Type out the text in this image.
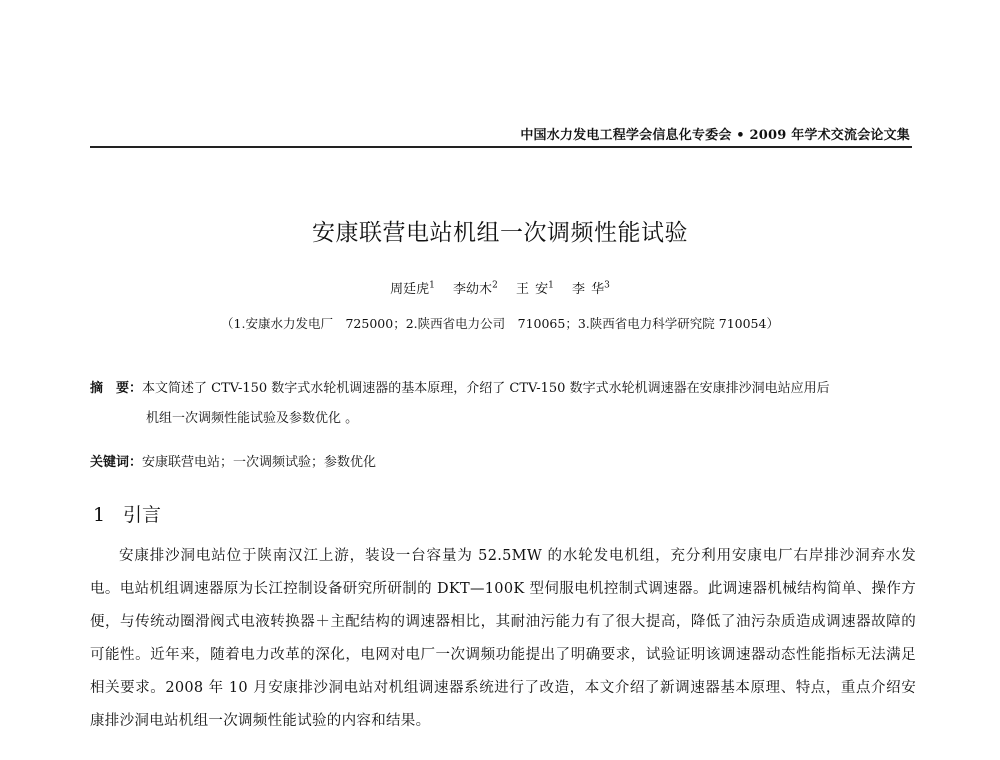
中国水力发电工程学会信息化专委会 • 2009 年学术交流会论文集
安康联营电站机组一次调频性能试验
周廷虎$^1$ 李幼木$^2$ 王 安$^1$ 李 华$^3$
（1.安康水力发电厂　725000；2.陕西省电力公司　710065；3.陕西省电力科学研究院 710054）
摘　要：本文简述了 CTV-150 数字式水轮机调速器的基本原理，介绍了 CTV-150 数字式水轮机调速器在安康排沙洞电站应用后
机组一次调频性能试验及参数优化 。
关键词：安康联营电站；一次调频试验；参数优化
1 引言
安康排沙洞电站位于陕南汉江上游，装设一台容量为 52.5MW 的水轮发电机组，充分利用安康电厂右岸排沙洞弃水发电。电站机组调速器原为长江控制设备研究所研制的 DKT—100K 型伺服电机控制式调速器。此调速器机械结构简单、操作方便，与传统动圈滑阀式电液转换器＋主配结构的调速器相比，其耐油污能力有了很大提高，降低了油污杂质造成调速器故障的可能性。近年来，随着电力改革的深化，电网对电厂一次调频功能提出了明确要求，试验证明该调速器动态性能指标无法满足相关要求。2008 年 10 月安康排沙洞电站对机组调速器系统进行了改造，本文介绍了新调速器基本原理、特点，重点介绍安康排沙洞电站机组一次调频性能试验的内容和结果。
